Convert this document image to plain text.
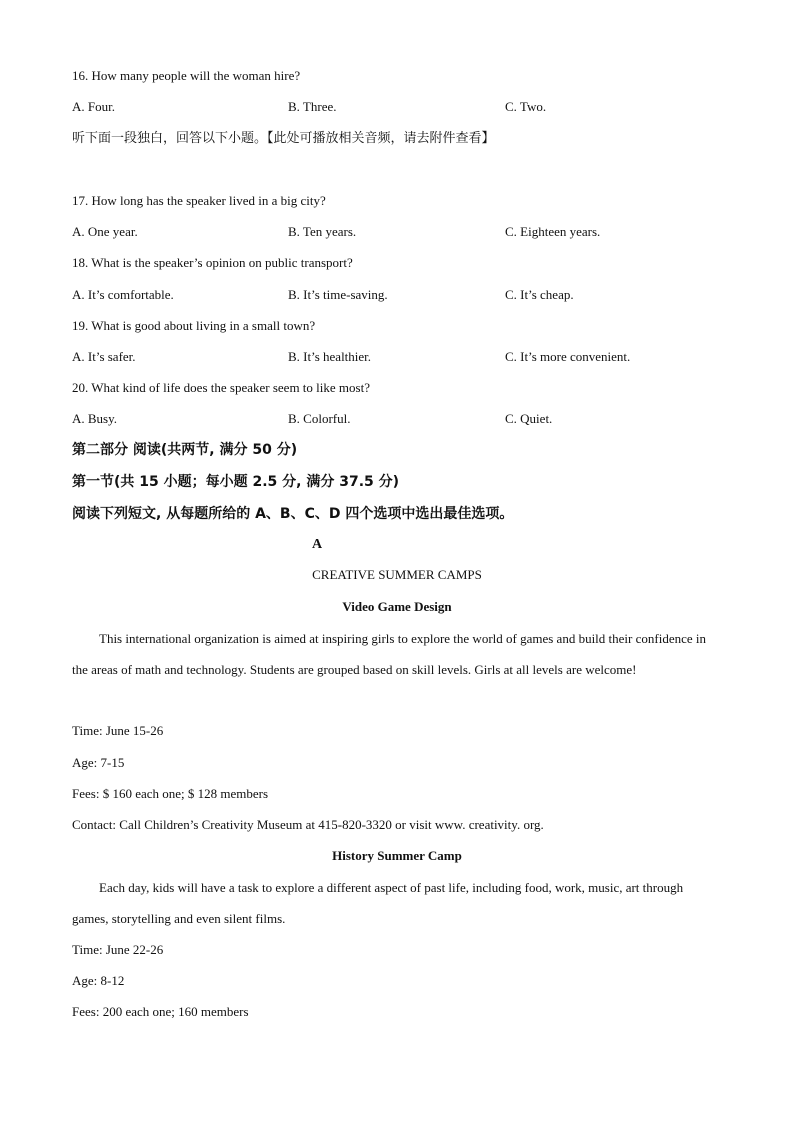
16. How many people will the woman hire?
A. Four.	B. Three.	C. Two.
听下面一段独白，回答以下小题。【此处可播放相关音频，请去附件查看】
17. How long has the speaker lived in a big city?
A. One year.	B. Ten years.	C. Eighteen years.
18. What is the speaker’s opinion on public transport?
A. It’s comfortable.	B. It’s time-saving.	C. It’s cheap.
19. What is good about living in a small town?
A. It’s safer.	B. It’s healthier.	C. It’s more convenient.
20. What kind of life does the speaker seem to like most?
A. Busy.	B. Colorful.	C. Quiet.
第二部分 阅读(共两节, 满分 50 分)
第一节(共 15 小题；每小题 2.5 分, 满分 37.5 分)
阅读下列短文, 从每题所给的 A、B、C、D 四个选项中选出最佳选项。
A
CREATIVE SUMMER CAMPS
Video Game Design
This international organization is aimed at inspiring girls to explore the world of games and build their confidence in the areas of math and technology. Students are grouped based on skill levels. Girls at all levels are welcome!
Time: June 15-26
Age: 7-15
Fees: $ 160 each one; $ 128 members
Contact: Call Children’s Creativity Museum at 415-820-3320 or visit www. creativity. org.
History Summer Camp
Each day, kids will have a task to explore a different aspect of past life, including food, work, music, art through games, storytelling and even silent films.
Time: June 22-26
Age: 8-12
Fees: 200 each one; 160 members
